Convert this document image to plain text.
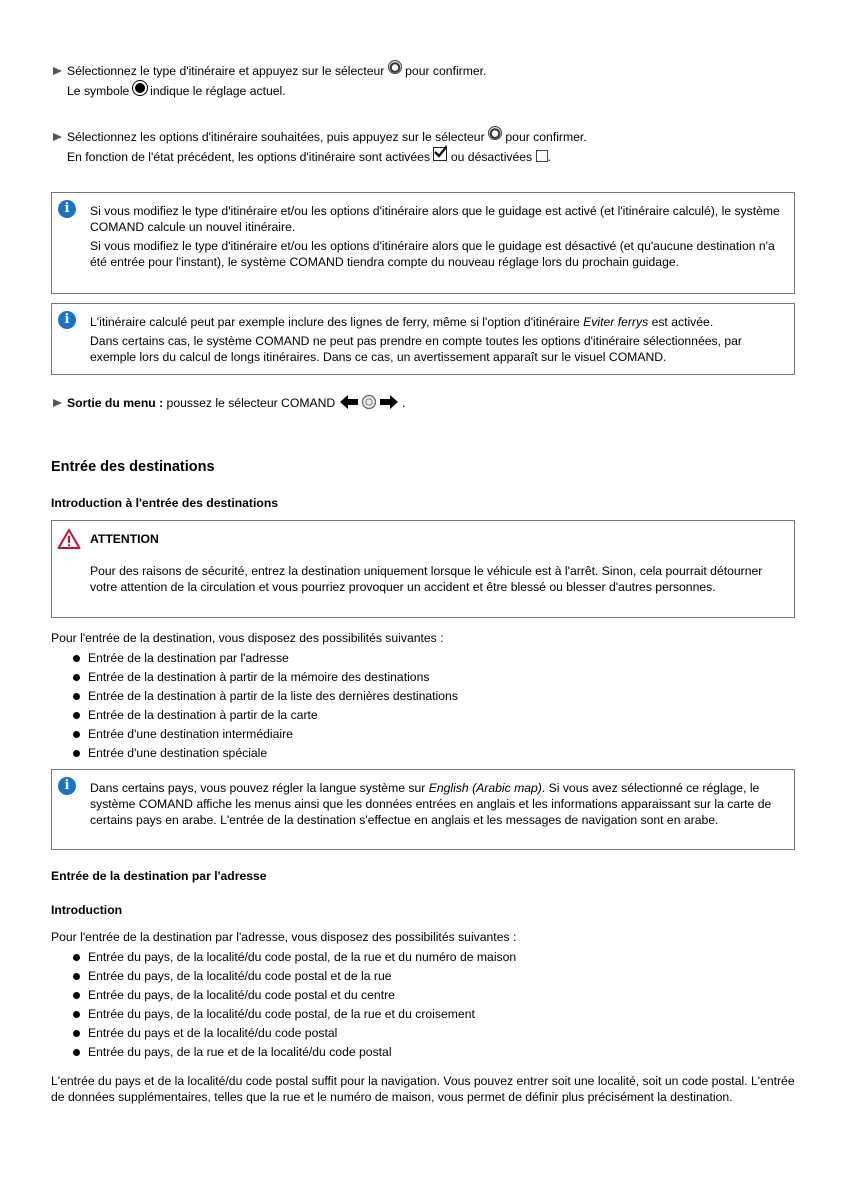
Sélectionnez le type d'itinéraire et appuyez sur le sélecteur pour confirmer.
Le symbole indique le réglage actuel.
Sélectionnez les options d'itinéraire souhaitées, puis appuyez sur le sélecteur pour confirmer.
En fonction de l'état précédent, les options d'itinéraire sont activées ou désactivées .
i	Si vous modifiez le type d'itinéraire et/ou les options d'itinéraire alors que le guidage est activé (et l'itinéraire calculé), le système COMAND calcule un nouvel itinéraire.

Si vous modifiez le type d'itinéraire et/ou les options d'itinéraire alors que le guidage est désactivé (et qu'aucune destination n'a été entrée pour l'instant), le système COMAND tiendra compte du nouveau réglage lors du prochain guidage.

i	L'itinéraire calculé peut par exemple inclure des lignes de ferry, même si l'option d'itinéraire Eviter ferrys est activée.

Dans certains cas, le système COMAND ne peut pas prendre en compte toutes les options d'itinéraire sélectionnées, par exemple lors du calcul de longs itinéraires. Dans ce cas, un avertissement apparaît sur le visuel COMAND.

Sortie du menu : poussez le sélecteur COMAND	.
Entrée des destinations
Introduction à l'entrée des destinations
ATTENTION

Pour des raisons de sécurité, entrez la destination uniquement lorsque le véhicule est à l'arrêt. Sinon, cela pourrait détourner votre attention de la circulation et vous pourriez provoquer un accident et être blessé ou blesser d'autres personnes.

Pour l'entrée de la destination, vous disposez des possibilités suivantes :

Entrée de la destination par l'adresse
Entrée de la destination à partir de la mémoire des destinations
Entrée de la destination à partir de la liste des dernières destinations
Entrée de la destination à partir de la carte
Entrée d'une destination intermédiaire
Entrée d'une destination spéciale
i	Dans certains pays, vous pouvez régler la langue système sur English (Arabic map). Si vous avez sélectionné ce réglage, le système COMAND affiche les menus ainsi que les données entrées en anglais et les informations apparaissant sur la carte de certains pays en arabe. L'entrée de la destination s'effectue en anglais et les messages de navigation sont en arabe.

Entrée de la destination par l'adresse
Introduction

Pour l'entrée de la destination par l'adresse, vous disposez des possibilités suivantes :

Entrée du pays, de la localité/du code postal, de la rue et du numéro de maison
Entrée du pays, de la localité/du code postal et de la rue
Entrée du pays, de la localité/du code postal et du centre
Entrée du pays, de la localité/du code postal, de la rue et du croisement
Entrée du pays et de la localité/du code postal
Entrée du pays, de la rue et de la localité/du code postal

L'entrée du pays et de la localité/du code postal suffit pour la navigation. Vous pouvez entrer soit une localité, soit un code postal. L'entrée de données supplémentaires, telles que la rue et le numéro de maison, vous permet de définir plus précisément la destination.
